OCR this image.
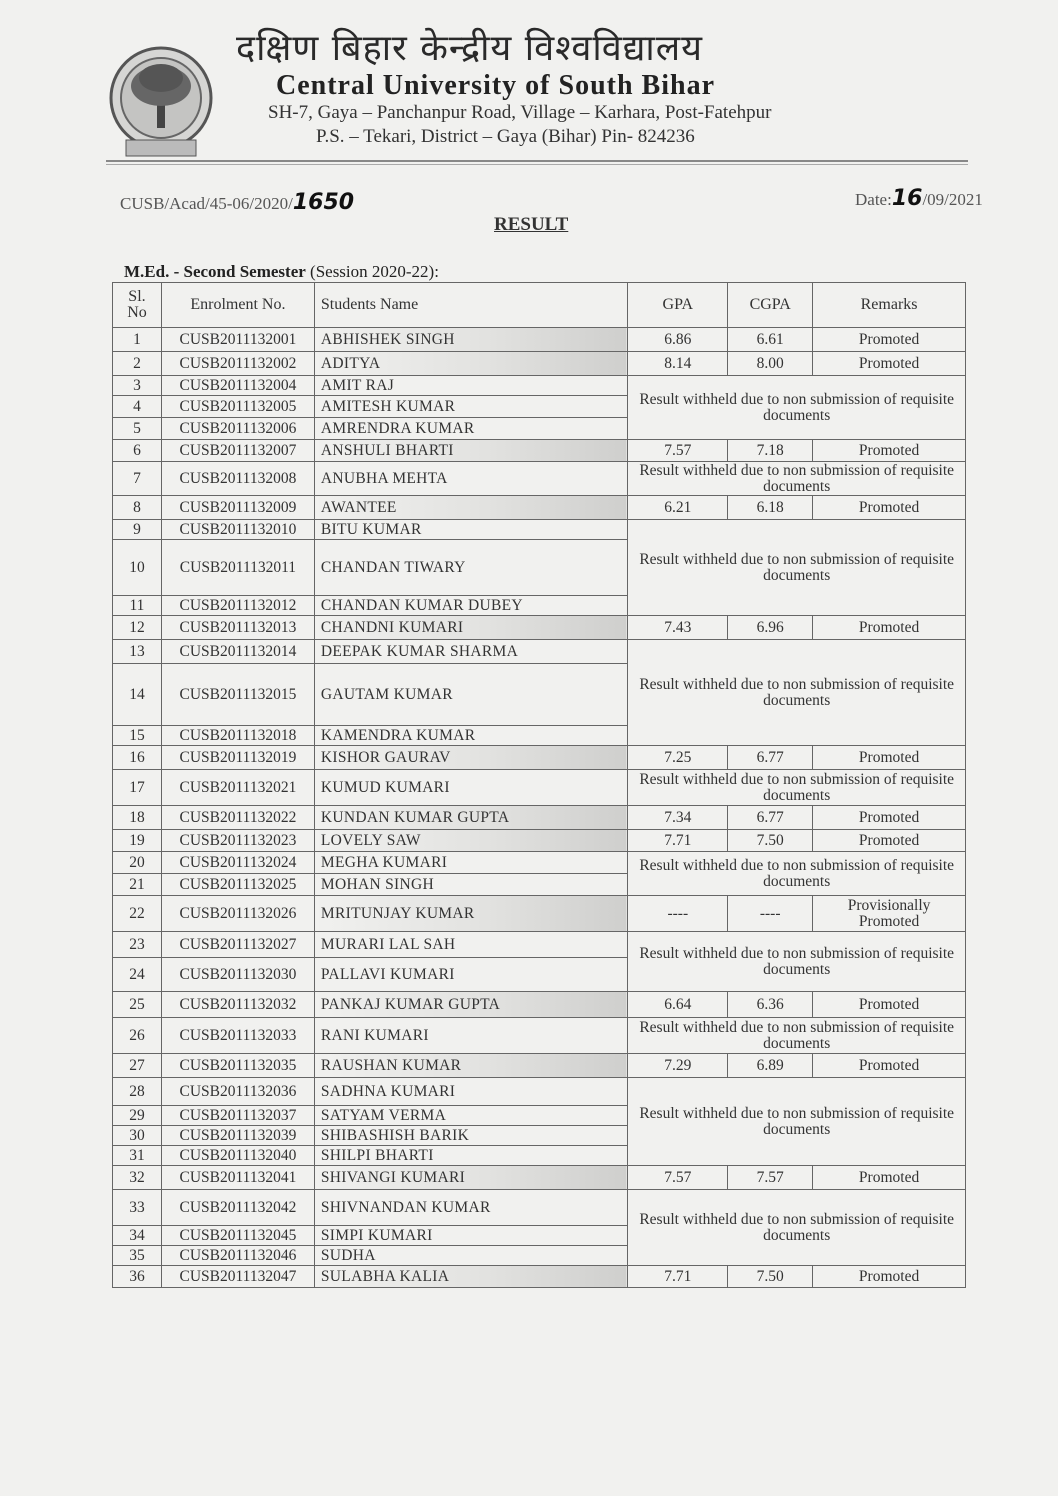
दक्षिण बिहार केन्द्रीय विश्वविद्यालय
Central University of South Bihar
SH-7, Gaya – Panchanpur Road, Village – Karhara, Post-Fatehpur
P.S. – Tekari, District – Gaya (Bihar) Pin- 824236
CUSB/Acad/45-06/2020/1650	Date:16/09/2021
RESULT
M.Ed. - Second Semester (Session 2020-22):
Sl. No	Enrolment No.	Students Name	GPA	CGPA	Remarks
1	CUSB2011132001	ABHISHEK SINGH	6.86	6.61	Promoted
2	CUSB2011132002	ADITYA	8.14	8.00	Promoted
3	CUSB2011132004	AMIT RAJ	Result withheld due to non submission of requisite documents		
4	CUSB2011132005	AMITESH KUMAR			
5	CUSB2011132006	AMRENDRA KUMAR			
6	CUSB2011132007	ANSHULI BHARTI	7.57	7.18	Promoted
7	CUSB2011132008	ANUBHA MEHTA	Result withheld due to non submission of requisite documents		
8	CUSB2011132009	AWANTEE	6.21	6.18	Promoted
9	CUSB2011132010	BITU KUMAR	Result withheld due to non submission of requisite documents		
10	CUSB2011132011	CHANDAN TIWARY			
11	CUSB2011132012	CHANDAN KUMAR DUBEY			
12	CUSB2011132013	CHANDNI KUMARI	7.43	6.96	Promoted
13	CUSB2011132014	DEEPAK KUMAR SHARMA	Result withheld due to non submission of requisite documents		
14	CUSB2011132015	GAUTAM KUMAR			
15	CUSB2011132018	KAMENDRA KUMAR			
16	CUSB2011132019	KISHOR GAURAV	7.25	6.77	Promoted
17	CUSB2011132021	KUMUD KUMARI	Result withheld due to non submission of requisite documents		
18	CUSB2011132022	KUNDAN KUMAR GUPTA	7.34	6.77	Promoted
19	CUSB2011132023	LOVELY SAW	7.71	7.50	Promoted
20	CUSB2011132024	MEGHA KUMARI	Result withheld due to non submission of requisite documents		
21	CUSB2011132025	MOHAN SINGH			
22	CUSB2011132026	MRITUNJAY KUMAR	----	----	Provisionally Promoted
23	CUSB2011132027	MURARI LAL SAH	Result withheld due to non submission of requisite documents		
24	CUSB2011132030	PALLAVI KUMARI			
25	CUSB2011132032	PANKAJ KUMAR GUPTA	6.64	6.36	Promoted
26	CUSB2011132033	RANI KUMARI	Result withheld due to non submission of requisite documents		
27	CUSB2011132035	RAUSHAN KUMAR	7.29	6.89	Promoted
28	CUSB2011132036	SADHNA KUMARI	Result withheld due to non submission of requisite documents		
29	CUSB2011132037	SATYAM VERMA			
30	CUSB2011132039	SHIBASHISH BARIK			
31	CUSB2011132040	SHILPI BHARTI			
32	CUSB2011132041	SHIVANGI KUMARI	7.57	7.57	Promoted
33	CUSB2011132042	SHIVNANDAN KUMAR	Result withheld due to non submission of requisite documents		
34	CUSB2011132045	SIMPI KUMARI			
35	CUSB2011132046	SUDHA			
36	CUSB2011132047	SULABHA KALIA	7.71	7.50	Promoted
